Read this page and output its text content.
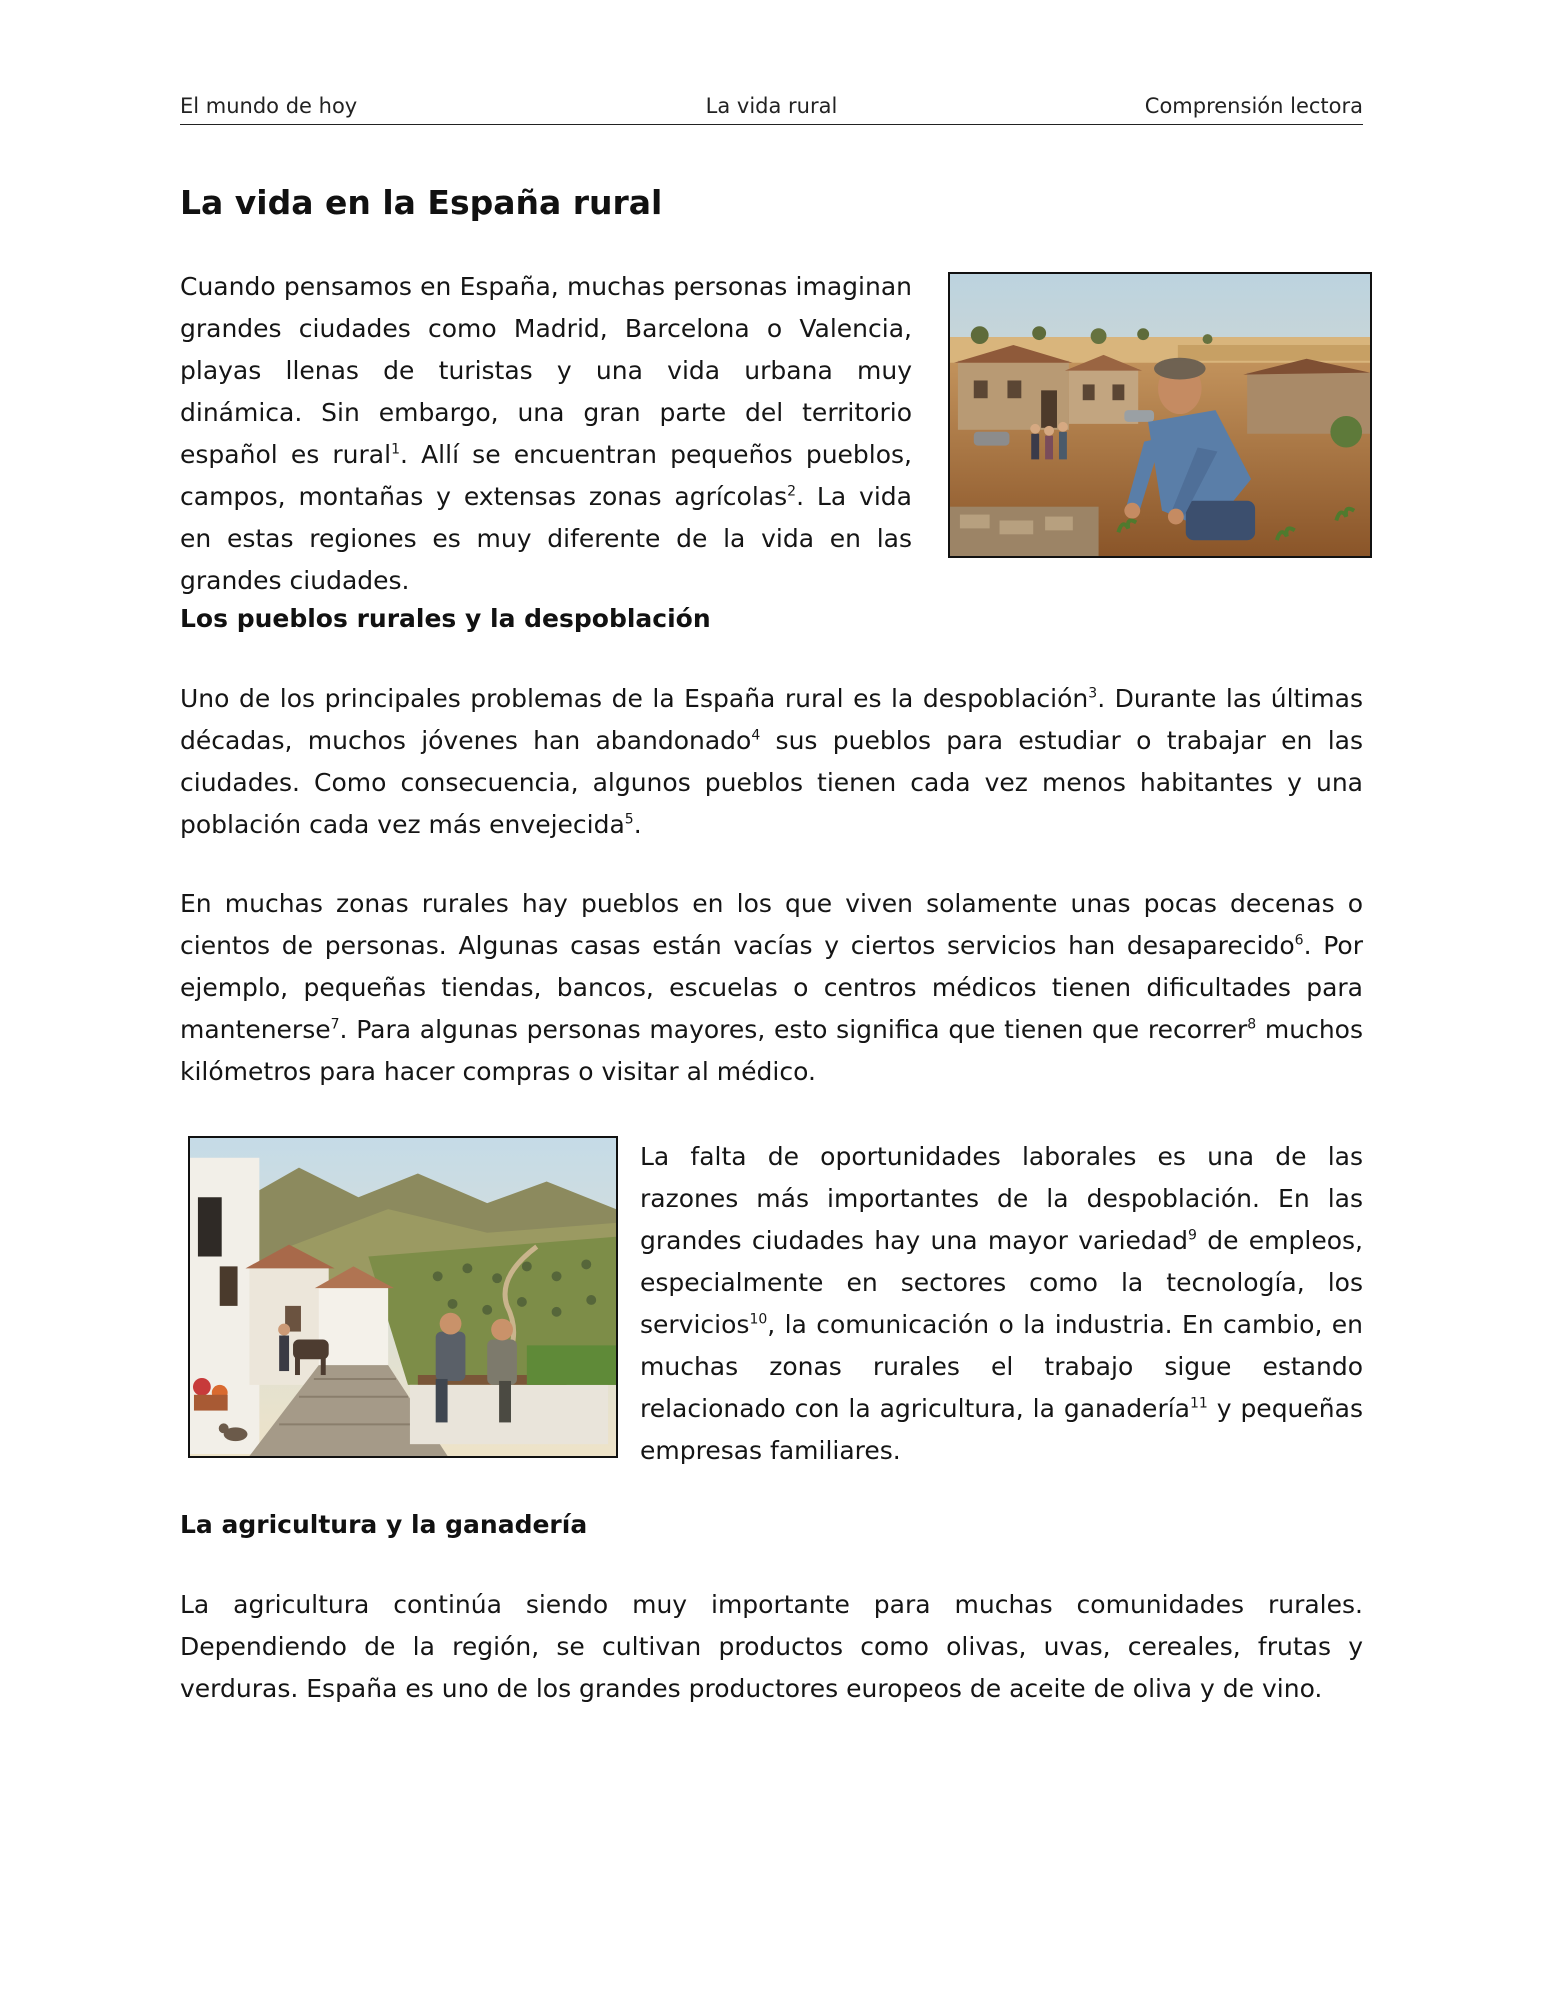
El mundo de hoy	La vida rural	Comprensión lectora
La vida en la España rural

Cuando pensamos en España, muchas personas imaginan grandes ciudades como Madrid, Barcelona o Valencia, playas llenas de turistas y una vida urbana muy dinámica. Sin embargo, una gran parte del territorio español es rural$^1$. Allí se encuentran pequeños pueblos, campos, montañas y extensas zonas agrícolas$^2$. La vida en estas regiones es muy diferente de la vida en las grandes ciudades.

Los pueblos rurales y la despoblación

Uno de los principales problemas de la España rural es la despoblación$^3$. Durante las últimas décadas, muchos jóvenes han abandonado$^4$ sus pueblos para estudiar o trabajar en las ciudades. Como consecuencia, algunos pueblos tienen cada vez menos habitantes y una población cada vez más envejecida$^5$.

En muchas zonas rurales hay pueblos en los que viven solamente unas pocas decenas o cientos de personas. Algunas casas están vacías y ciertos servicios han desaparecido$^6$. Por ejemplo, pequeñas tiendas, bancos, escuelas o centros médicos tienen dificultades para mantenerse$^7$. Para algunas personas mayores, esto significa que tienen que recorrer$^8$ muchos kilómetros para hacer compras o visitar al médico.

La falta de oportunidades laborales es una de las razones más importantes de la despoblación. En las grandes ciudades hay una mayor variedad$^9$ de empleos, especialmente en sectores como la tecnología, los servicios$^{10}$, la comunicación o la industria. En cambio, en muchas zonas rurales el trabajo sigue estando relacionado con la agricultura, la ganadería$^{11}$ y pequeñas empresas familiares.

La agricultura y la ganadería

La agricultura continúa siendo muy importante para muchas comunidades rurales. Dependiendo de la región, se cultivan productos como olivas, uvas, cereales, frutas y verduras. España es uno de los grandes productores europeos de aceite de oliva y de vino.
